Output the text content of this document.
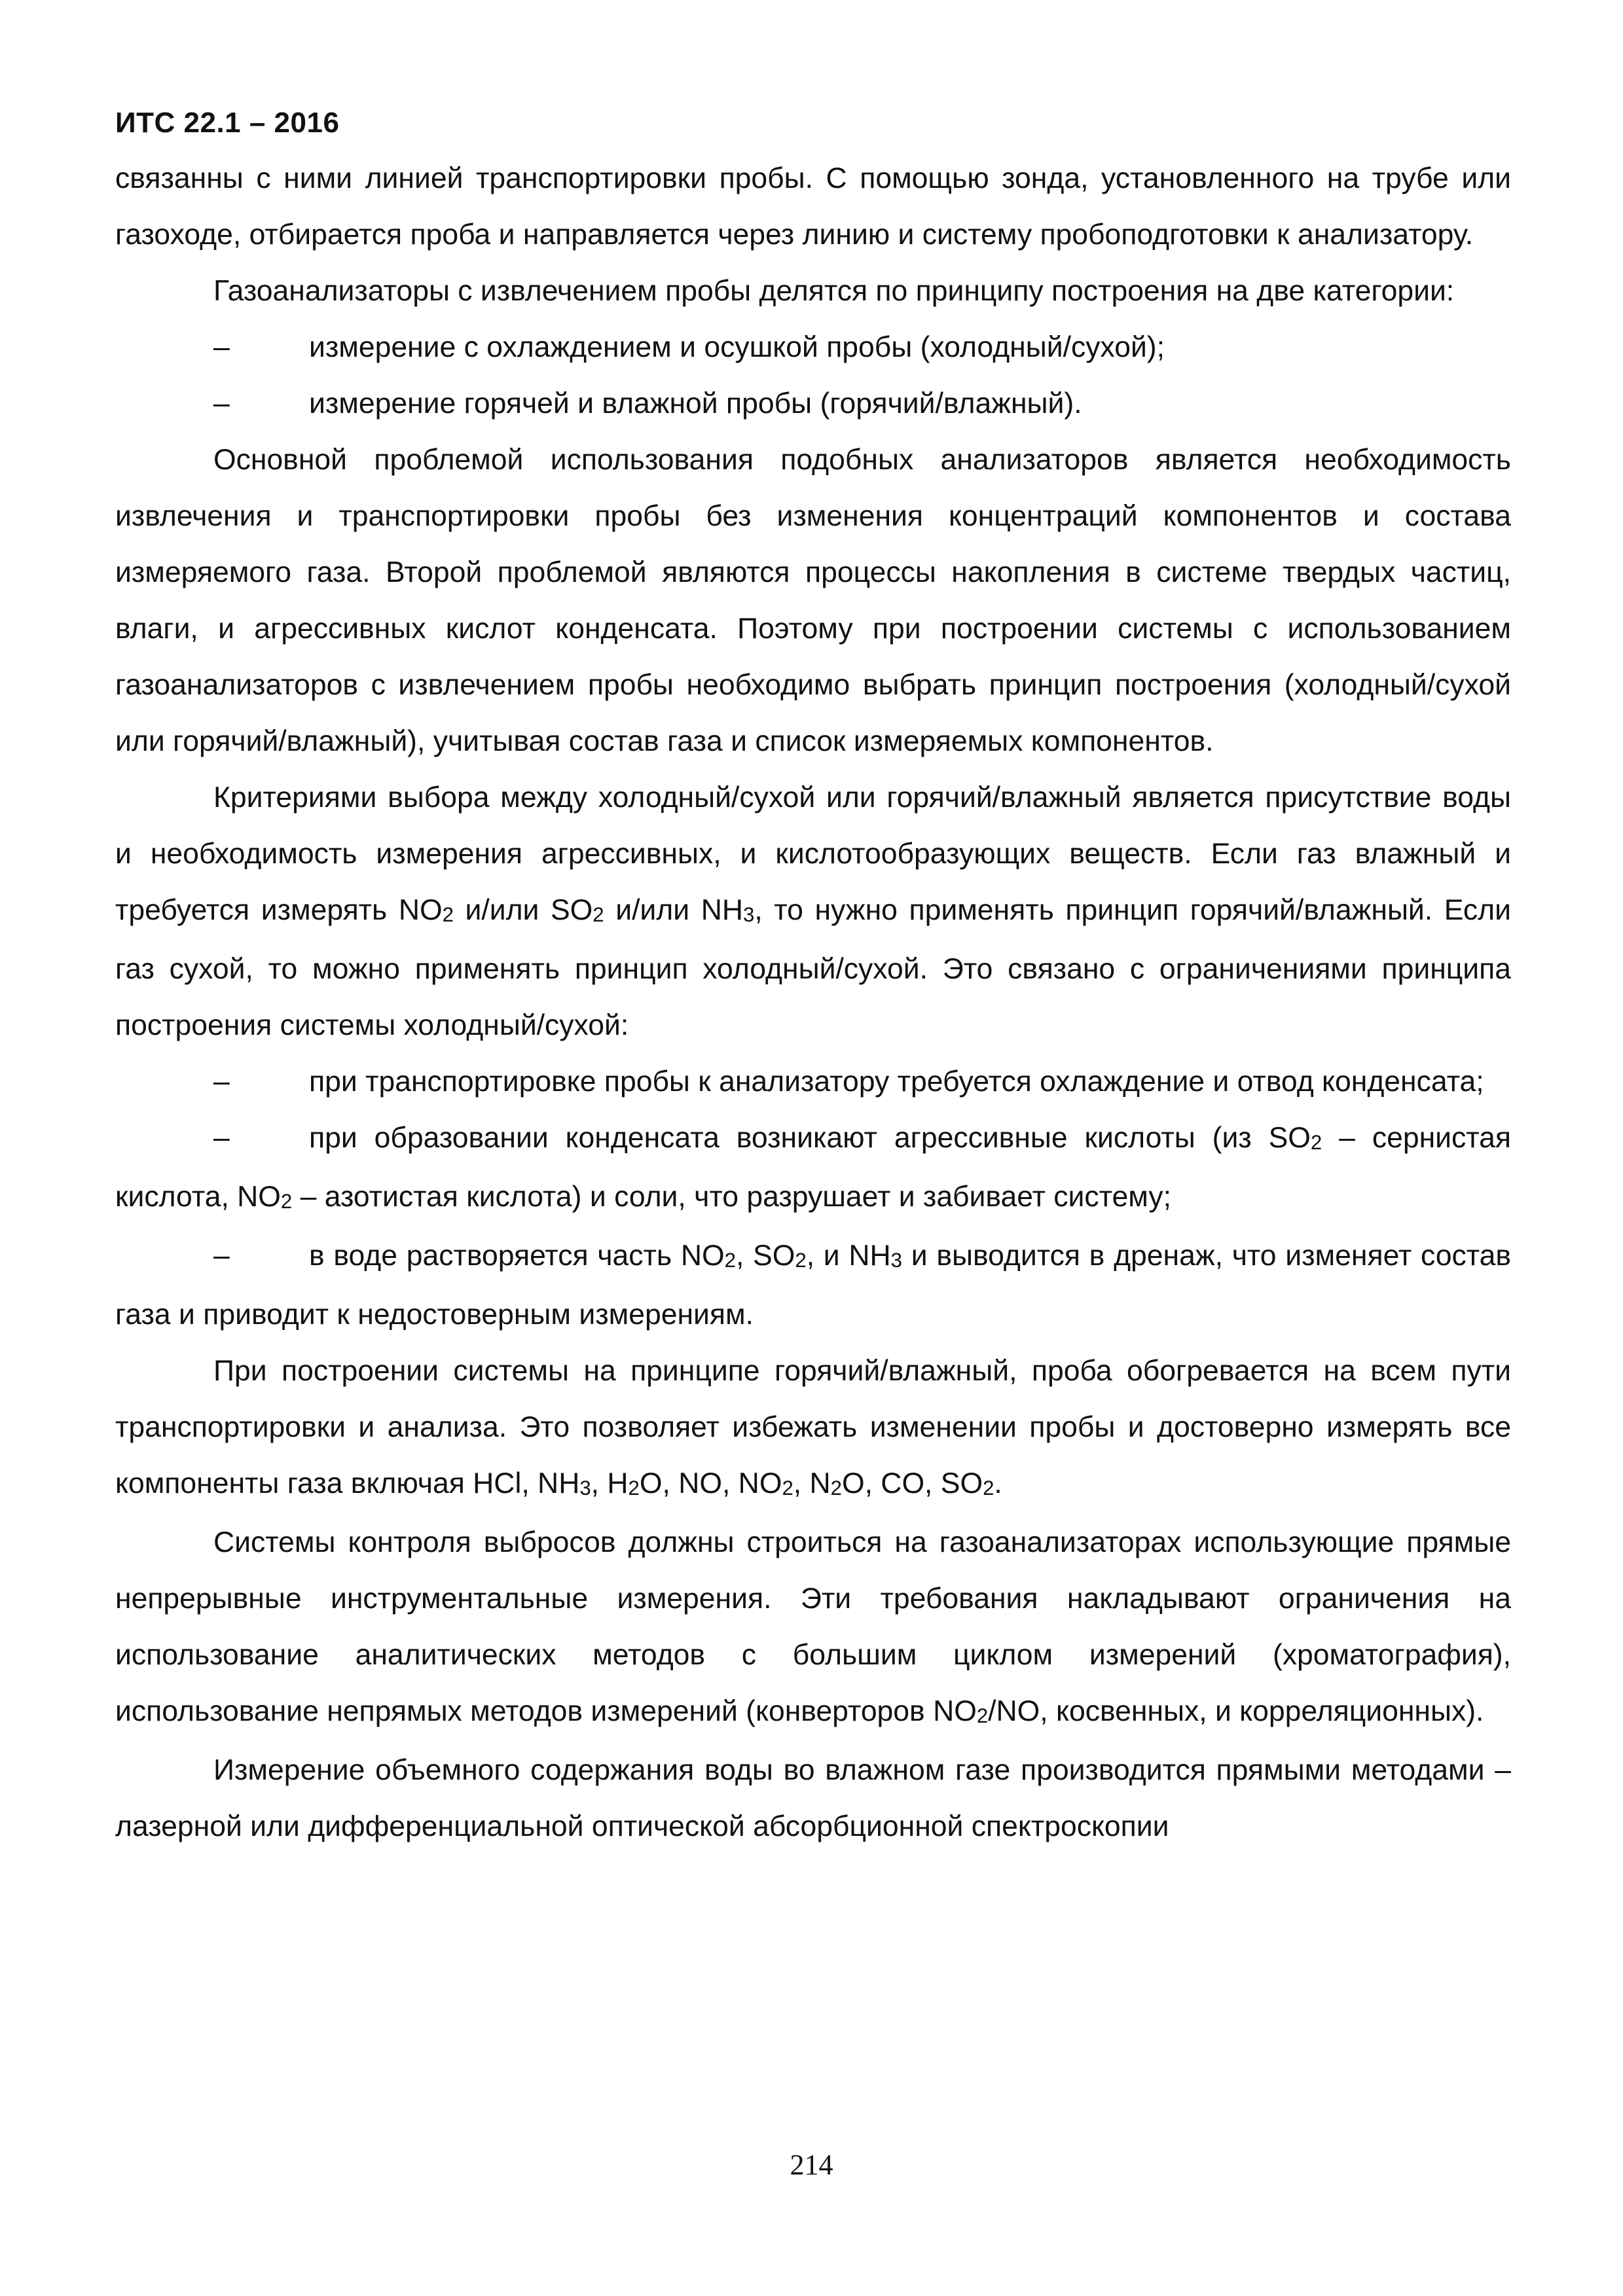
ИТС 22.1 – 2016

связанны с ними линией транспортировки пробы. С помощью зонда, установленного на трубе или газоходе, отбирается проба и направляется через линию и систему пробоподготовки к анализатору.

Газоанализаторы с извлечением пробы делятся по принципу построения на две категории:

–	измерение с охлаждением и осушкой пробы (холодный/сухой);

–	измерение горячей и влажной пробы (горячий/влажный).

Основной проблемой использования подобных анализаторов является необходимость извлечения и транспортировки пробы без изменения концентраций компонентов и состава измеряемого газа. Второй проблемой являются процессы накопления в системе твердых частиц, влаги, и агрессивных кислот конденсата. Поэтому при построении системы с использованием газоанализаторов с извлечением пробы необходимо выбрать принцип построения (холодный/сухой или горячий/влажный), учитывая состав газа и список измеряемых компонентов.

Критериями выбора между холодный/сухой или горячий/влажный является присутствие воды и необходимость измерения агрессивных, и кислотообразующих веществ. Если газ влажный и требуется измерять $NO_2$ и/или $SO_2$ и/или $NH_3$, то нужно применять принцип горячий/влажный. Если газ сухой, то можно применять принцип холодный/сухой. Это связано с ограничениями принципа построения системы холодный/сухой:

–	при транспортировке пробы к анализатору требуется охлаждение и отвод конденсата;

–	при образовании конденсата возникают агрессивные кислоты (из $SO_2$ – сернистая кислота, $NO_2$ – азотистая кислота) и соли, что разрушает и забивает систему;

–	в воде растворяется часть $NO_2$, $SO_2$, и $NH_3$ и выводится в дренаж, что изменяет состав газа и приводит к недостоверным измерениям.

При построении системы на принципе горячий/влажный, проба обогревается на всем пути транспортировки и анализа. Это позволяет избежать изменении пробы и достоверно измерять все компоненты газа включая HCl, $NH_3$, $H_2O$, NO, $NO_2$, $N_2O$, CO, $SO_2$.

Системы контроля выбросов должны строиться на газоанализаторах использующие прямые непрерывные инструментальные измерения. Эти требования накладывают ограничения на использование аналитических методов с большим циклом измерений (хроматография), использование непрямых методов измерений (конверторов $NO_2/NO$, косвенных, и корреляционных).

Измерение объемного содержания воды во влажном газе производится прямыми методами – лазерной или дифференциальной оптической абсорбционной спектроскопии

214
